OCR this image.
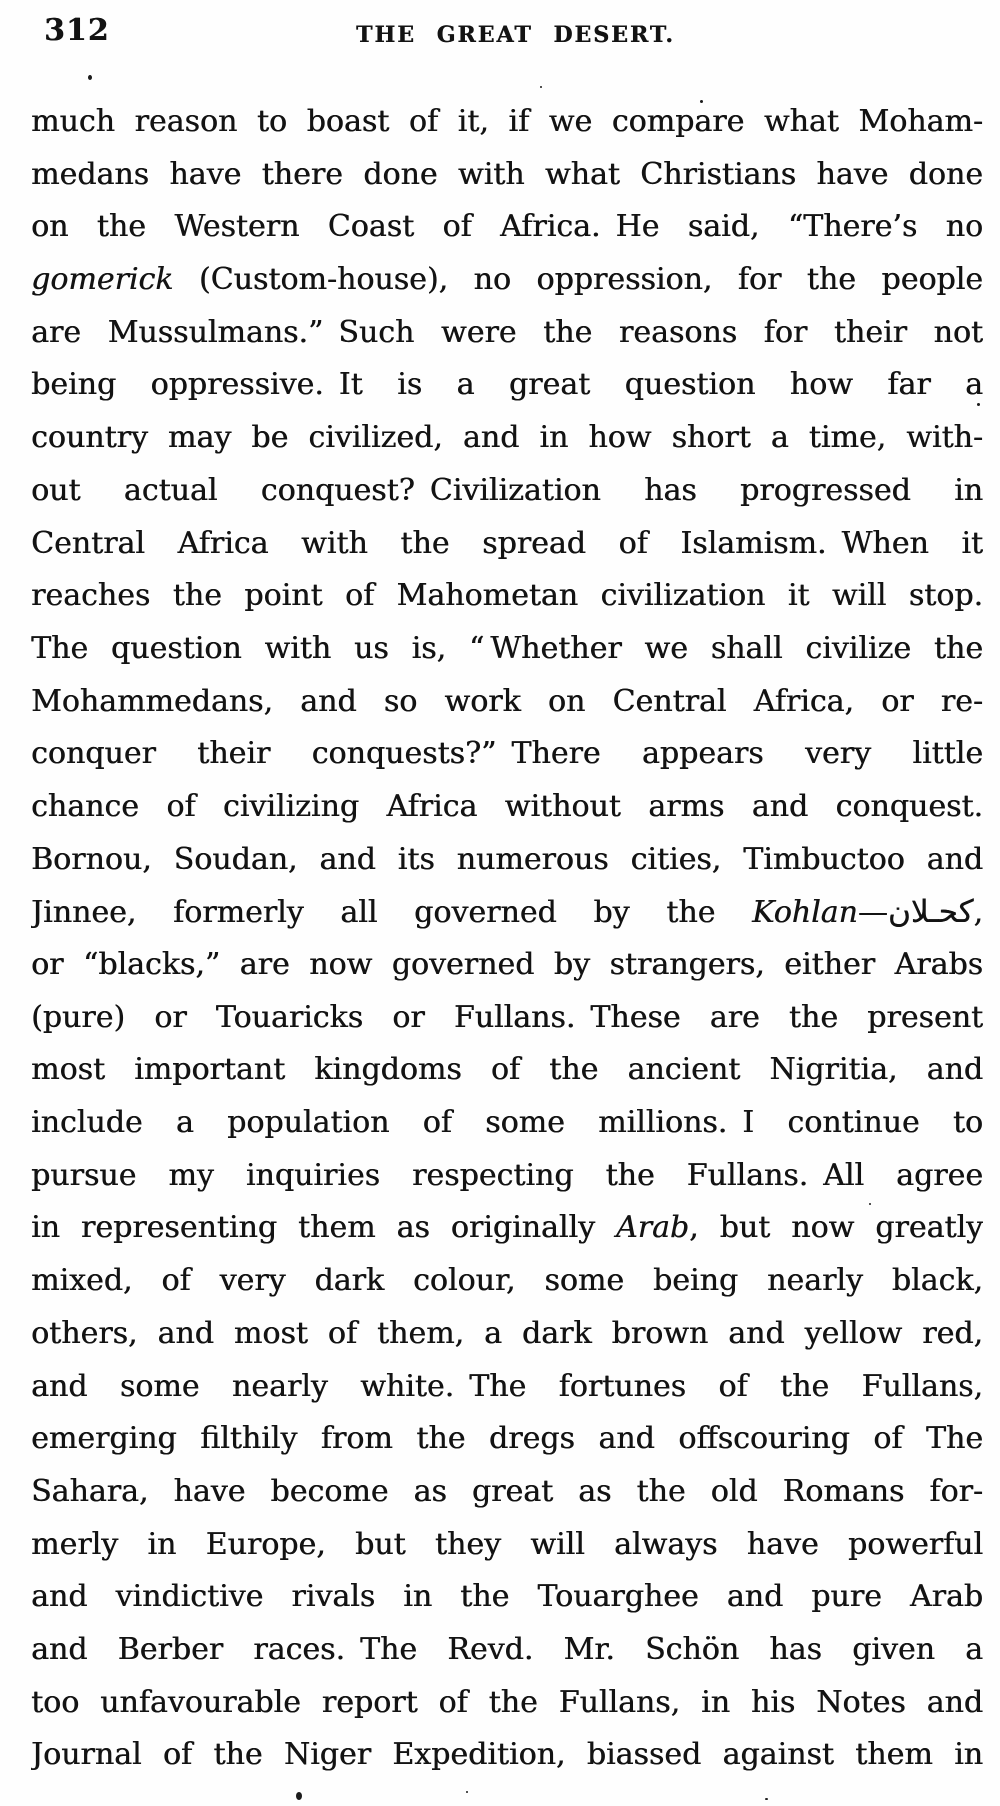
312	THE GREAT DESERT.
much reason to boast of it, if we compare what Moham-
medans have there done with what Christians have done
on the Western Coast of Africa. He said, “There’s no
gomerick (Custom-house), no oppression, for the people
are Mussulmans.” Such were the reasons for their not
being oppressive. It is a great question how far a
country may be civilized, and in how short a time, with-
out actual conquest? Civilization has progressed in
Central Africa with the spread of Islamism. When it
reaches the point of Mahometan civilization it will stop.
The question with us is, “ Whether we shall civilize the
Mohammedans, and so work on Central Africa, or re-
conquer their conquests?” There appears very little
chance of civilizing Africa without arms and conquest.
Bornou, Soudan, and its numerous cities, Timbuctoo and
Jinnee, formerly all governed by the Kohlan—كحـلان,
or “blacks,” are now governed by strangers, either Arabs
(pure) or Touaricks or Fullans. These are the present
most important kingdoms of the ancient Nigritia, and
include a population of some millions. I continue to
pursue my inquiries respecting the Fullans. All agree
in representing them as originally Arab, but now greatly
mixed, of very dark colour, some being nearly black,
others, and most of them, a dark brown and yellow red,
and some nearly white. The fortunes of the Fullans,
emerging filthily from the dregs and offscouring of The
Sahara, have become as great as the old Romans for-
merly in Europe, but they will always have powerful
and vindictive rivals in the Touarghee and pure Arab
and Berber races. The Revd. Mr. Schön has given a
too unfavourable report of the Fullans, in his Notes and
Journal of the Niger Expedition, biassed against them in
